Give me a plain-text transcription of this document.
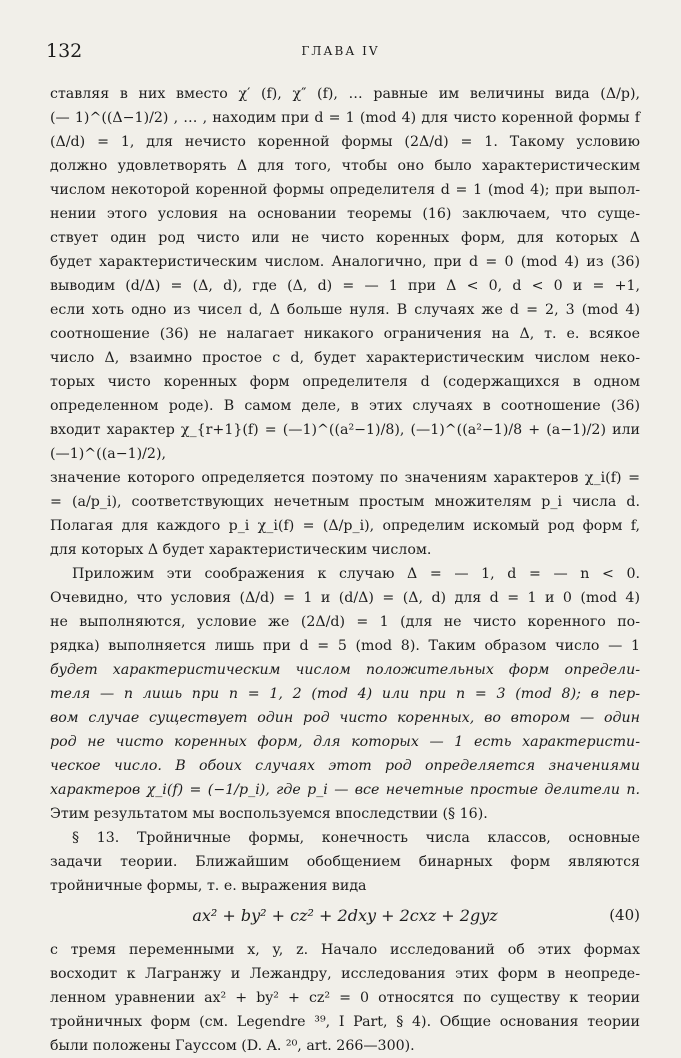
132	ГЛАВА IV
ставляя в них вместо χ′ (f), χ″ (f), … равные им величины вида (Δ/p),
(— 1)^((Δ−1)/2) , … , находим при d = 1 (mod 4) для чисто коренной формы f
(Δ/d) = 1, для нечисто коренной формы (2Δ/d) = 1. Такому условию
должно удовлетворять Δ для того, чтобы оно было характеристическим
числом некоторой коренной формы определителя d = 1 (mod 4); при выпол-
нении этого условия на основании теоремы (16) заключаем, что суще-
ствует один род чисто или не чисто коренных форм, для которых Δ
будет характеристическим числом. Аналогично, при d = 0 (mod 4) из (36)
выводим (d/Δ) = (Δ, d), где (Δ, d) = — 1 при Δ < 0, d < 0 и = +1,
если хоть одно из чисел d, Δ больше нуля. В случаях же d = 2, 3 (mod 4)
соотношение (36) не налагает никакого ограничения на Δ, т. е. всякое
число Δ, взаимно простое с d, будет характеристическим числом неко-
торых чисто коренных форм определителя d (содержащихся в одном
определенном роде). В самом деле, в этих случаях в соотношение (36)
входит характер χ_{r+1}(f) = (—1)^((a²−1)/8), (—1)^((a²−1)/8 + (a−1)/2) или (—1)^((a−1)/2),
значение которого определяется поэтому по значениям характеров χ_i(f) =
= (a/p_i), соответствующих нечетным простым множителям p_i числа d.
Полагая для каждого p_i χ_i(f) = (Δ/p_i), определим искомый род форм f,
для которых Δ будет характеристическим числом.
Приложим эти соображения к случаю Δ = — 1, d = — n < 0.
Очевидно, что условия (Δ/d) = 1 и (d/Δ) = (Δ, d) для d = 1 и 0 (mod 4)
не выполняются, условие же (2Δ/d) = 1 (для не чисто коренного по-
рядка) выполняется лишь при d = 5 (mod 8). Таким образом число — 1
будет характеристическим числом положительных форм определи-
теля — n лишь при n = 1, 2 (mod 4) или при n = 3 (mod 8); в пер-
вом случае существует один род чисто коренных, во втором — один
род не чисто коренных форм, для которых — 1 есть характеристи-
ческое число. В обоих случаях этот род определяется значениями
характеров χ_i(f) = (−1/p_i), где p_i — все нечетные простые делители n.
Этим результатом мы воспользуемся впоследствии (§ 16).
§ 13. Тройничные формы, конечность числа классов, основные
задачи теории. Ближайшим обобщением бинарных форм являются
тройничные формы, т. е. выражения вида
ax² + by² + cz² + 2dxy + 2cxz + 2gyz	(40)
с тремя переменными x, y, z. Начало исследований об этих формах
восходит к Лагранжу и Лежандру, исследования этих форм в неопреде-
ленном уравнении ax² + by² + cz² = 0 относятся по существу к теории
тройничных форм (см. Legendre ³⁹, I Part, § 4). Общие основания теории
были положены Гауссом (D. A. ²⁰, art. 266—300).
